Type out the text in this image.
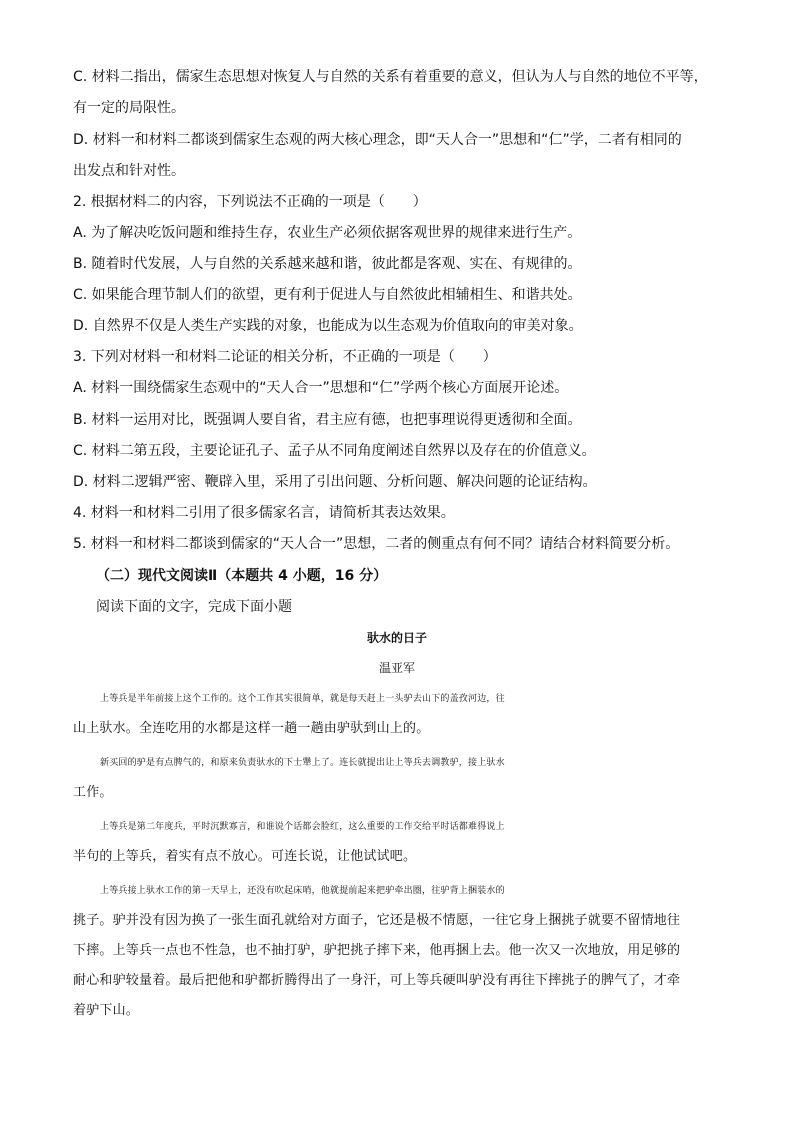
C. 材料二指出，儒家生态思想对恢复人与自然的关系有着重要的意义，但认为人与自然的地位不平等，
有一定的局限性。
D. 材料一和材料二都谈到儒家生态观的两大核心理念，即“天人合一”思想和“仁”学，二者有相同的
出发点和针对性。
2. 根据材料二的内容，下列说法不正确的一项是（　　）
A. 为了解决吃饭问题和维持生存，农业生产必须依据客观世界的规律来进行生产。
B. 随着时代发展，人与自然的关系越来越和谐，彼此都是客观、实在、有规律的。
C. 如果能合理节制人们的欲望，更有利于促进人与自然彼此相辅相生、和谐共处。
D. 自然界不仅是人类生产实践的对象，也能成为以生态观为价值取向的审美对象。
3. 下列对材料一和材料二论证的相关分析，不正确的一项是（　　）
A. 材料一围绕儒家生态观中的“天人合一”思想和“仁”学两个核心方面展开论述。
B. 材料一运用对比，既强调人要自省，君主应有德，也把事理说得更透彻和全面。
C. 材料二第五段，主要论证孔子、孟子从不同角度阐述自然界以及存在的价值意义。
D. 材料二逻辑严密、鞭辟入里，采用了引出问题、分析问题、解决问题的论证结构。
4. 材料一和材料二引用了很多儒家名言，请简析其表达效果。
5. 材料一和材料二都谈到儒家的“天人合一”思想，二者的侧重点有何不同？请结合材料简要分析。
（二）现代文阅读Ⅱ（本题共 4 小题，16 分）
阅读下面的文字，完成下面小题
驮水的日子
温亚军
上等兵是半年前接上这个工作的。这个工作其实很简单，就是每天赶上一头驴去山下的盖孜河边，往
山上驮水。全连吃用的水都是这样一趟一趟由驴驮到山上的。
新买回的驴是有点脾气的，和原来负责驮水的下士犟上了。连长就提出让上等兵去调教驴，接上驮水
工作。
上等兵是第二年度兵，平时沉默寡言，和谁说个话都会脸红，这么重要的工作交给平时话都难得说上
半句的上等兵，着实有点不放心。可连长说，让他试试吧。
上等兵接上驮水工作的第一天早上，还没有吹起床哨，他就提前起来把驴牵出圈，往驴背上捆装水的
挑子。驴并没有因为换了一张生面孔就给对方面子，它还是极不情愿，一往它身上捆挑子就要不留情地往
下摔。上等兵一点也不性急，也不抽打驴，驴把挑子摔下来，他再捆上去。他一次又一次地放，用足够的
耐心和驴较量着。最后把他和驴都折腾得出了一身汗，可上等兵硬叫驴没有再往下摔挑子的脾气了，才牵
着驴下山。
